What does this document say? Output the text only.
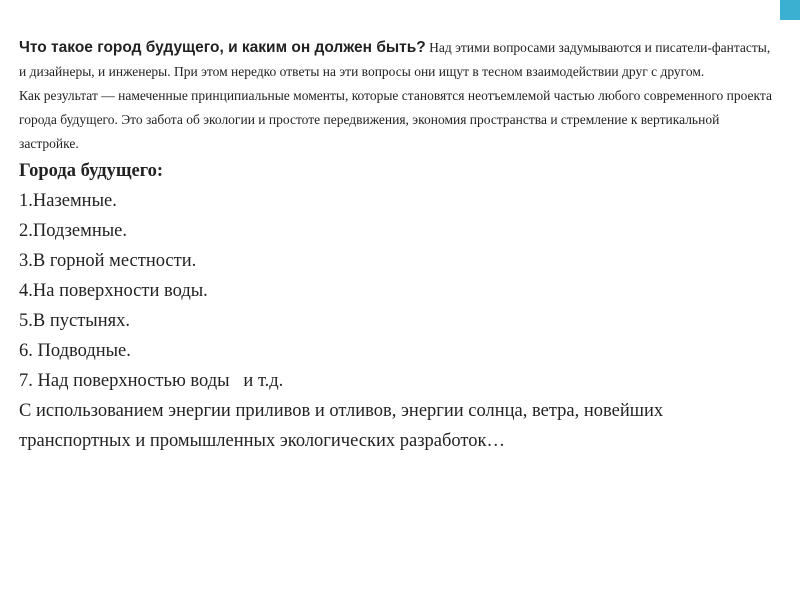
Что такое город будущего, и каким он должен быть? Над этими вопросами задумываются и писатели-фантасты, и дизайнеры, и инженеры. При этом нередко ответы на эти вопросы они ищут в тесном взаимодействии друг с другом.

Как результат — намеченные принципиальные моменты, которые становятся неотъемлемой частью любого современного проекта города будущего. Это забота об экологии и простоте передвижения, экономия пространства и стремление к вертикальной застройке.

Города будущего:

1.Наземные.
2.Подземные.
3.В горной местности.
4.На поверхности воды.
5.В пустынях.
6. Подводные.
7. Над поверхностью воды   и т.д.

С использованием энергии приливов и отливов, энергии солнца, ветра, новейших транспортных и промышленных экологических разработок…
